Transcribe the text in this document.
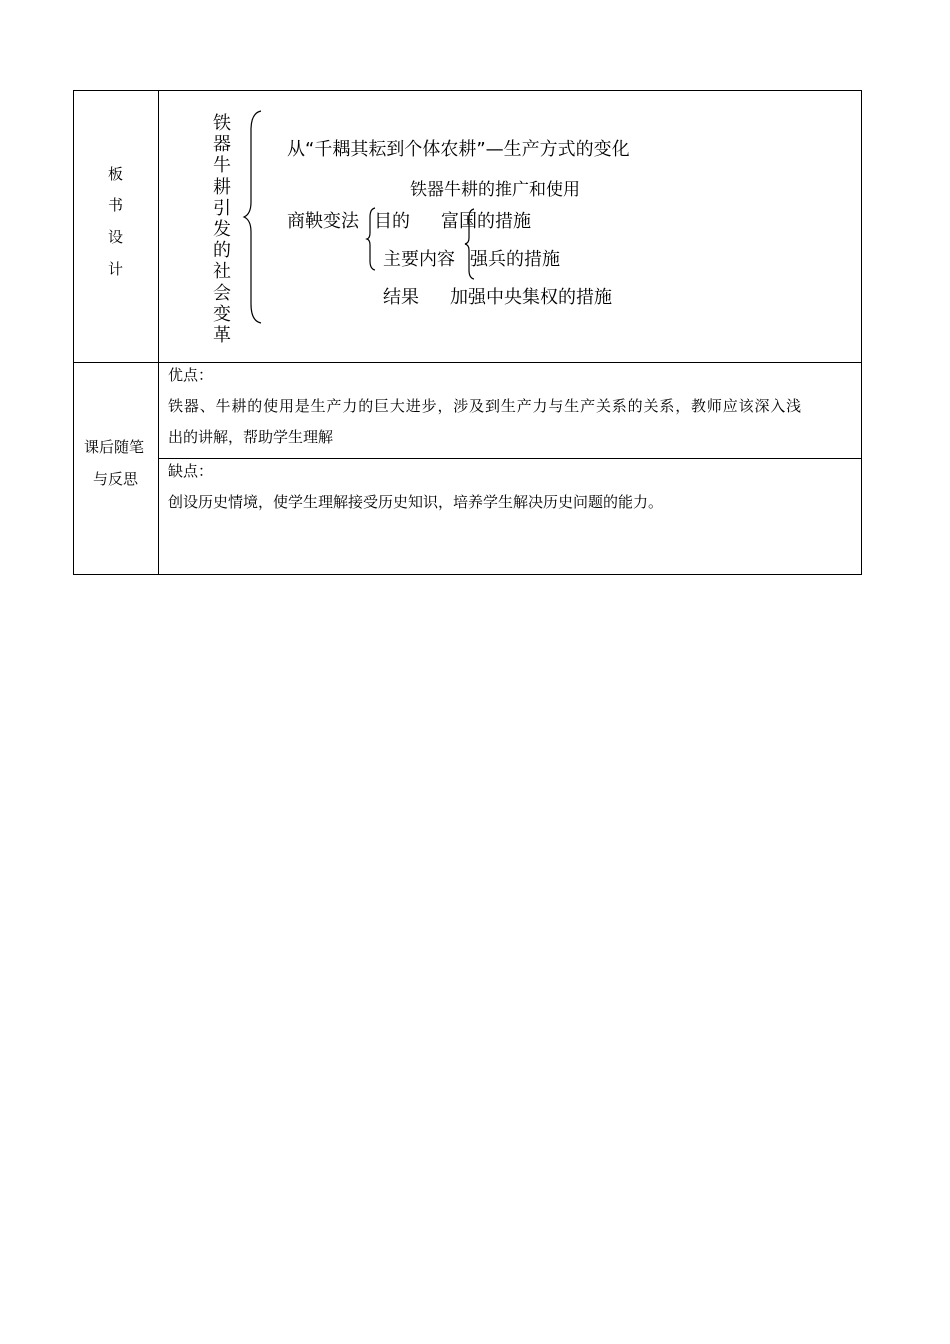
板
书
设
计
铁器牛耕引发的社会变革
从“千耦其耘到个体农耕”—生产方式的变化
铁器牛耕的推广和使用
商鞅变法 目的
主要内容
结果
富国的措施
强兵的措施
加强中央集权的措施
课后随笔
与反思
优点：
铁器、牛耕的使用是生产力的巨大进步，涉及到生产力与生产关系的关系，教师应该深入浅
出的讲解，帮助学生理解
缺点：
创设历史情境，使学生理解接受历史知识，培养学生解决历史问题的能力。
